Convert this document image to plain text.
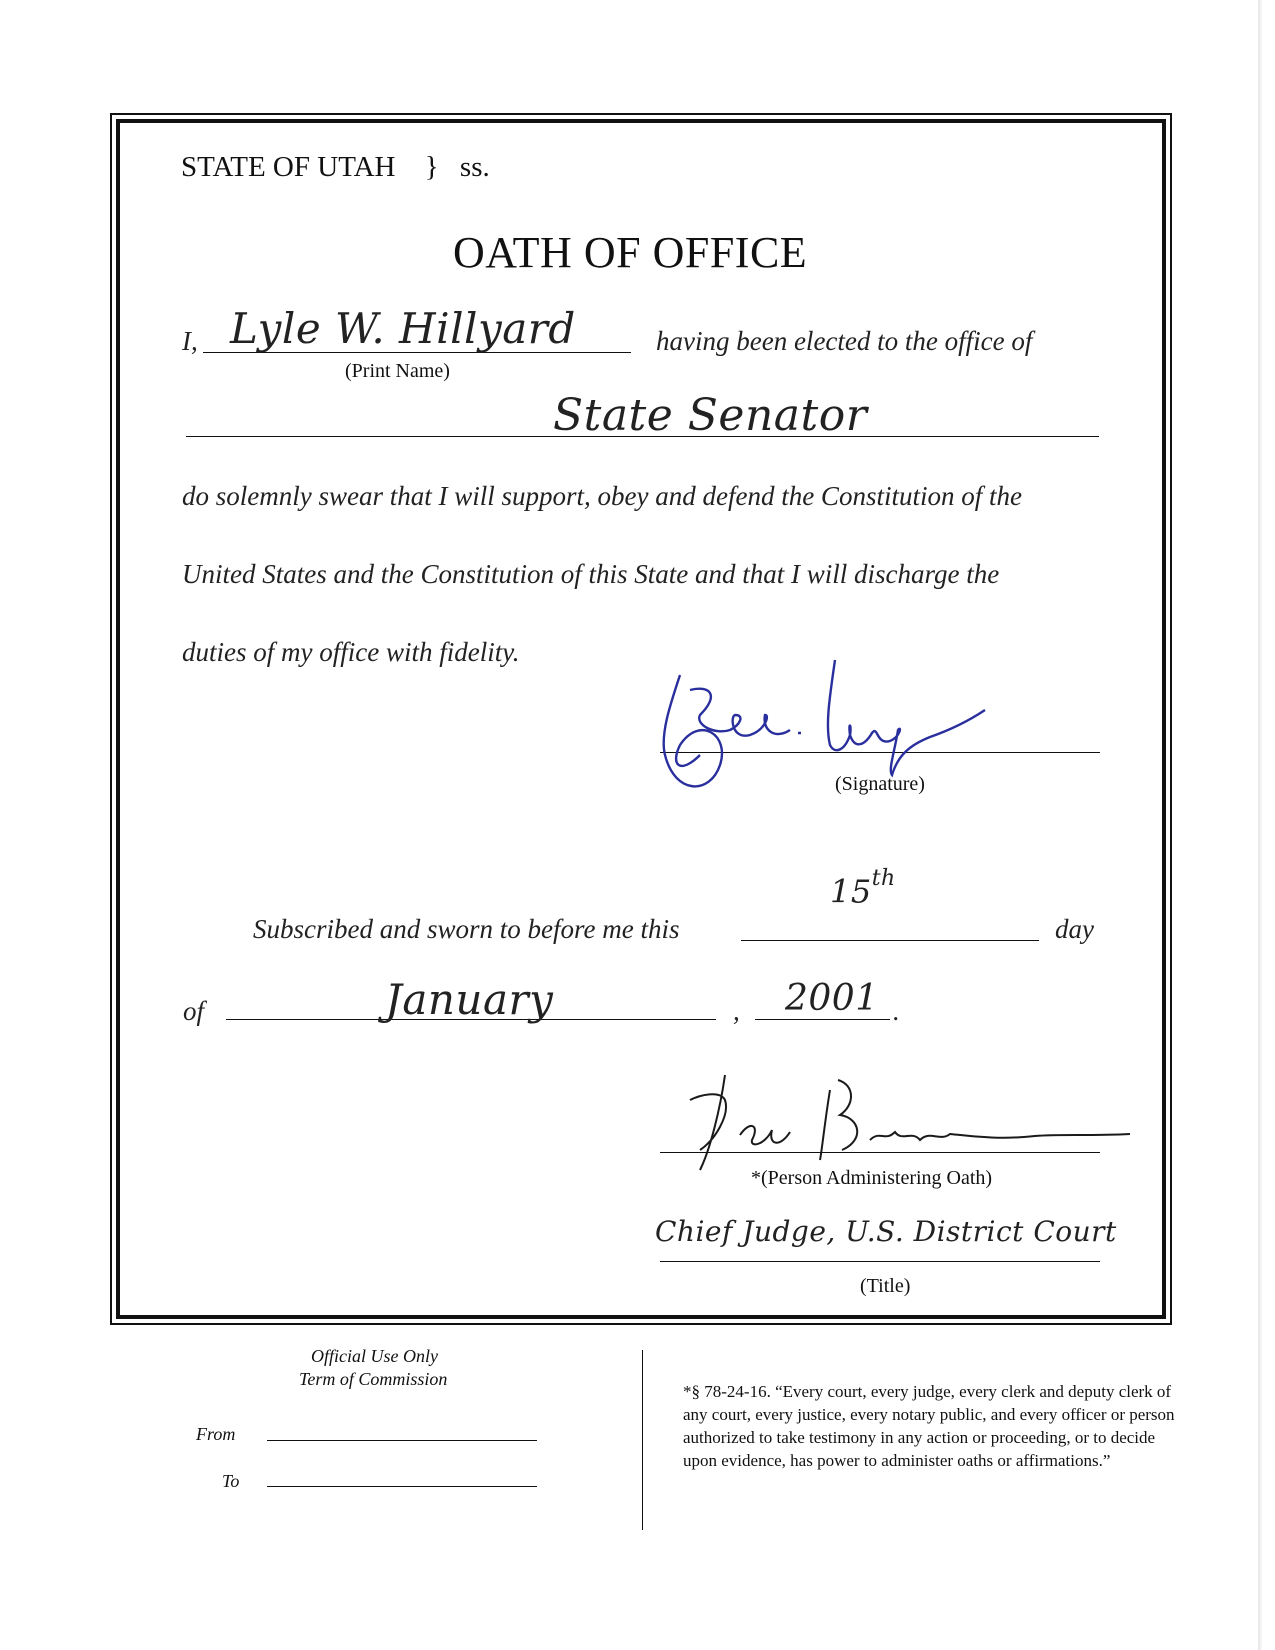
STATE OF UTAH } ss.
OATH OF OFFICE
I, Lyle W. Hillyard
(Print Name)
having been elected to the office of
State Senator
do solemnly swear that I will support, obey and defend the Constitution of the
United States and the Constitution of this State and that I will discharge the
duties of my office with fidelity.
(Signature)
15th
Subscribed and sworn to before me this	day
of	January	, 2001 .
*(Person Administering Oath)
Chief Judge, U.S. District Court
(Title)
Official Use Only
Term of Commission
From
To
*§ 78-24-16. “Every court, every judge, every clerk and deputy clerk of any court, every justice, every notary public, and every officer or person authorized to take testimony in any action or proceeding, or to decide upon evidence, has power to administer oaths or affirmations.”
